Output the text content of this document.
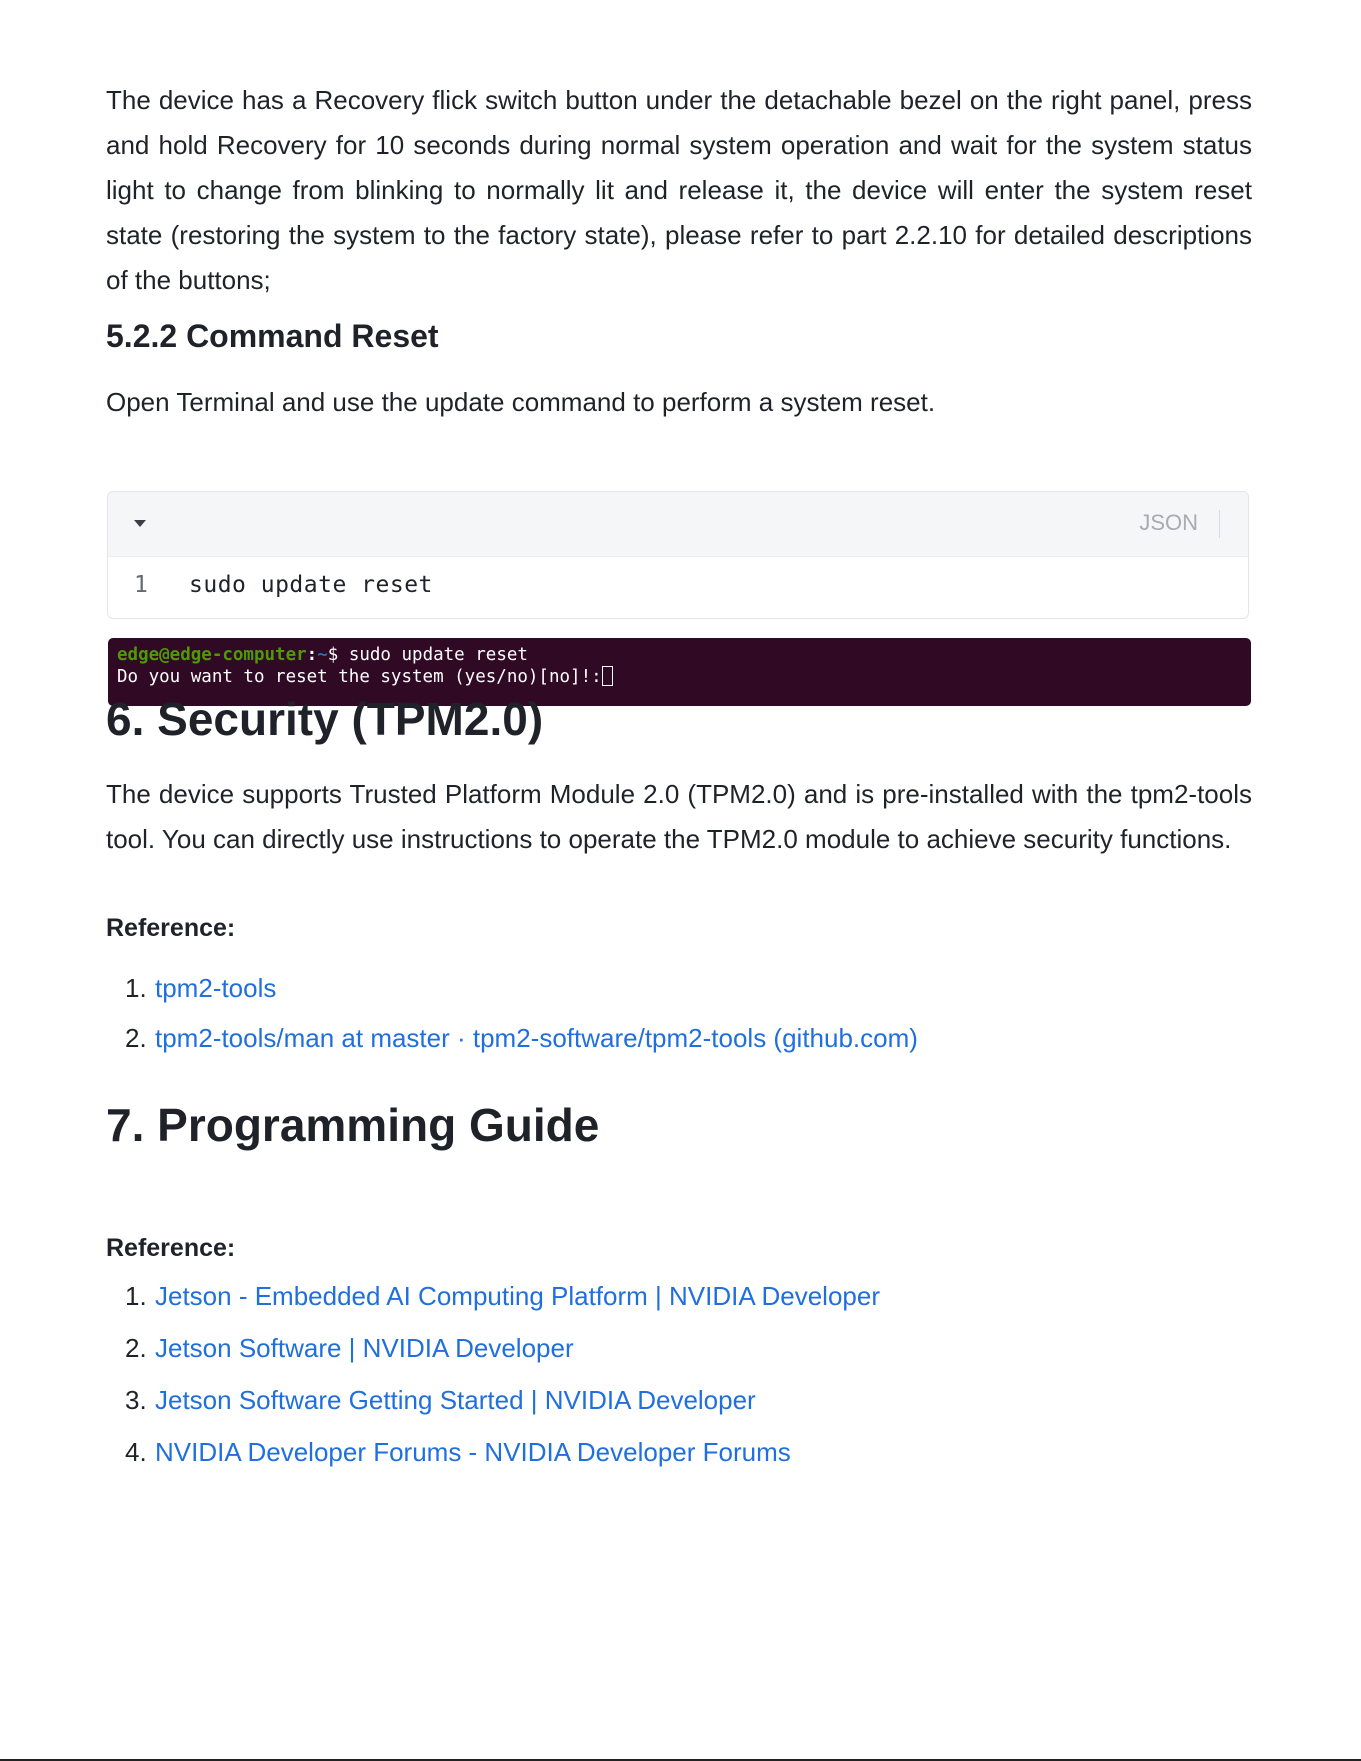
The device has a Recovery flick switch button under the detachable bezel on the right panel, press and hold Recovery for 10 seconds during normal system operation and wait for the system status light to change from blinking to normally lit and release it, the device will enter the system reset state (restoring the system to the factory state), please refer to part 2.2.10 for detailed descriptions of the buttons;

5.2.2 Command Reset

Open Terminal and use the update command to perform a system reset.

JSON
1 sudo update reset
edge@edge-computer:~$ sudo update reset
Do you want to reset the system (yes/no)[no]!:
6. Security (TPM2.0)

The device supports Trusted Platform Module 2.0 (TPM2.0) and is pre-installed with the tpm2-tools tool. You can directly use instructions to operate the TPM2.0 module to achieve security functions.

Reference:

1. tpm2-tools
2. tpm2-tools/man at master · tpm2-software/tpm2-tools (github.com)
7. Programming Guide

Reference:

1. Jetson - Embedded AI Computing Platform | NVIDIA Developer
2. Jetson Software | NVIDIA Developer
3. Jetson Software Getting Started | NVIDIA Developer
4. NVIDIA Developer Forums - NVIDIA Developer Forums
